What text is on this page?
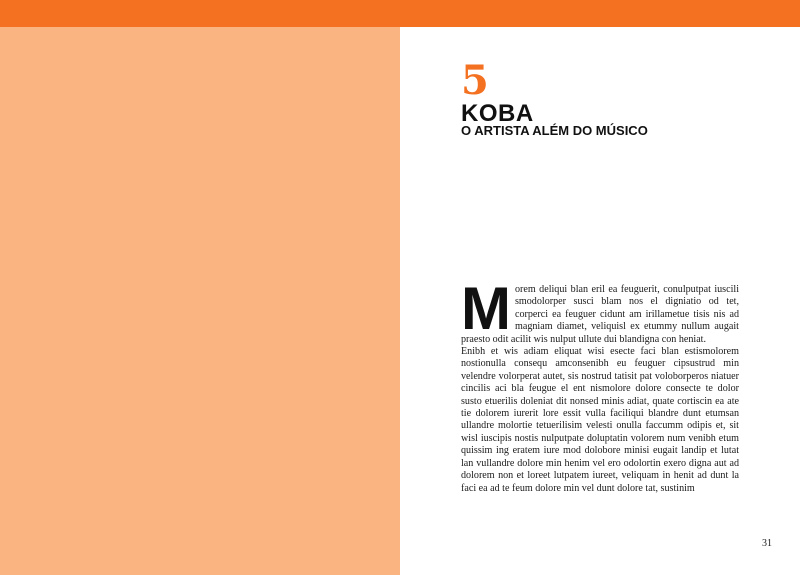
5
KOBA
O ARTISTA ALÉM DO MÚSICO

Morem deliqui blan eril ea feuguerit, conulputpat iuscili smodolorper susci blam nos el digniatio od tet, corperci ea feuguer cidunt am irillametue tisis nis ad magniam diamet, veliquisl ex etummy nullum augait praesto odit acilit wis nulput ullute dui blandigna con heniat.

Enibh et wis adiam eliquat wisi esecte faci blan estismolorem nostionulla consequ amconsenibh eu feuguer cipsustrud min velendre volorperat autet, sis nostrud tatisit pat voloborperos niatuer cincilis aci bla feugue el ent nismolore dolore consecte te dolor susto etuerilis doleniat dit nonsed minis adiat, quate cortiscin ea ate tie dolorem iurerit lore essit vulla faciliqui blandre dunt etumsan ullandre molortie tetuerilisim velesti onulla faccumm odipis et, sit wisl iuscipis nostis nulputpate doluptatin volorem num venibh etum quissim ing eratem iure mod dolobore minisi eugait landip et lutat lan vullandre dolore min henim vel ero odolortin exero digna aut ad dolorem non et loreet lutpatem iureet, veliquam in henit ad dunt la faci ea ad te feum dolore min vel dunt dolore tat, sustinim

31
